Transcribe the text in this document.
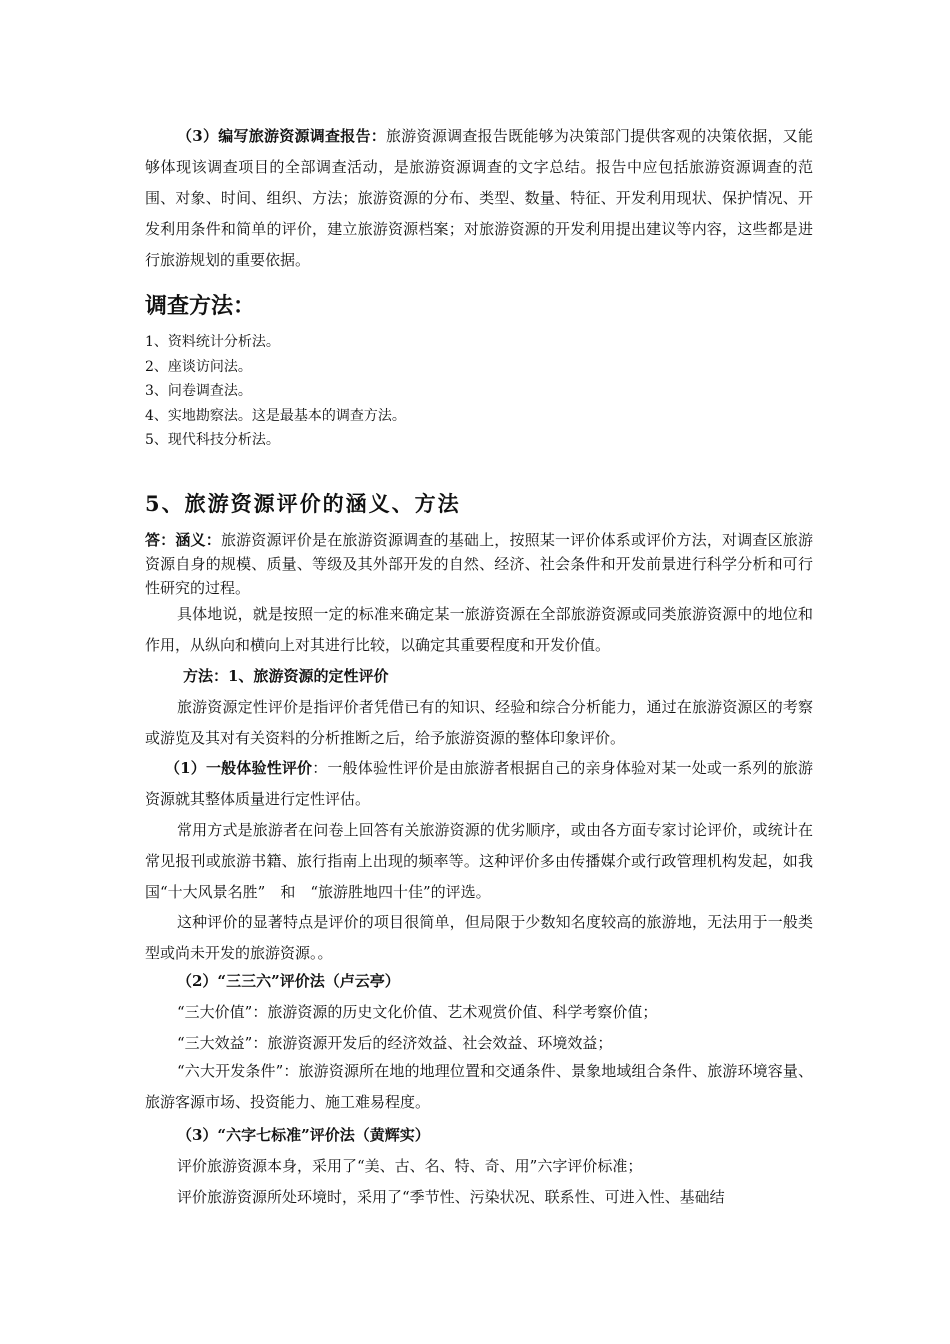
（3）编写旅游资源调查报告：旅游资源调查报告既能够为决策部门提供客观的决策依据，又能够体现该调查项目的全部调查活动，是旅游资源调查的文字总结。报告中应包括旅游资源调查的范围、对象、时间、组织、方法；旅游资源的分布、类型、数量、特征、开发利用现状、保护情况、开发利用条件和简单的评价，建立旅游资源档案；对旅游资源的开发利用提出建议等内容，这些都是进行旅游规划的重要依据。

调查方法：
1、资料统计分析法。
2、座谈访问法。
3、问卷调查法。
4、实地勘察法。这是最基本的调查方法。
5、现代科技分析法。
5、旅游资源评价的涵义、方法

答：涵义：旅游资源评价是在旅游资源调查的基础上，按照某一评价体系或评价方法，对调查区旅游资源自身的规模、质量、等级及其外部开发的自然、经济、社会条件和开发前景进行科学分析和可行性研究的过程。

具体地说，就是按照一定的标准来确定某一旅游资源在全部旅游资源或同类旅游资源中的地位和作用，从纵向和横向上对其进行比较，以确定其重要程度和开发价值。

方法：1、旅游资源的定性评价

旅游资源定性评价是指评价者凭借已有的知识、经验和综合分析能力，通过在旅游资源区的考察或游览及其对有关资料的分析推断之后，给予旅游资源的整体印象评价。

（1）一般体验性评价：一般体验性评价是由旅游者根据自己的亲身体验对某一处或一系列的旅游资源就其整体质量进行定性评估。

常用方式是旅游者在问卷上回答有关旅游资源的优劣顺序，或由各方面专家讨论评价，或统计在常见报刊或旅游书籍、旅行指南上出现的频率等。这种评价多由传播媒介或行政管理机构发起，如我国“十大风景名胜”　和　“旅游胜地四十佳”的评选。

这种评价的显著特点是评价的项目很简单，但局限于少数知名度较高的旅游地，无法用于一般类型或尚未开发的旅游资源。。

（2）“三三六”评价法（卢云亭）

“三大价值”：旅游资源的历史文化价值、艺术观赏价值、科学考察价值；

“三大效益”：旅游资源开发后的经济效益、社会效益、环境效益；

“六大开发条件”：旅游资源所在地的地理位置和交通条件、景象地域组合条件、旅游环境容量、旅游客源市场、投资能力、施工难易程度。

（3）“六字七标准”评价法（黄辉实）

评价旅游资源本身，采用了“美、古、名、特、奇、用”六字评价标准；

评价旅游资源所处环境时，采用了“季节性、污染状况、联系性、可进入性、基础结
